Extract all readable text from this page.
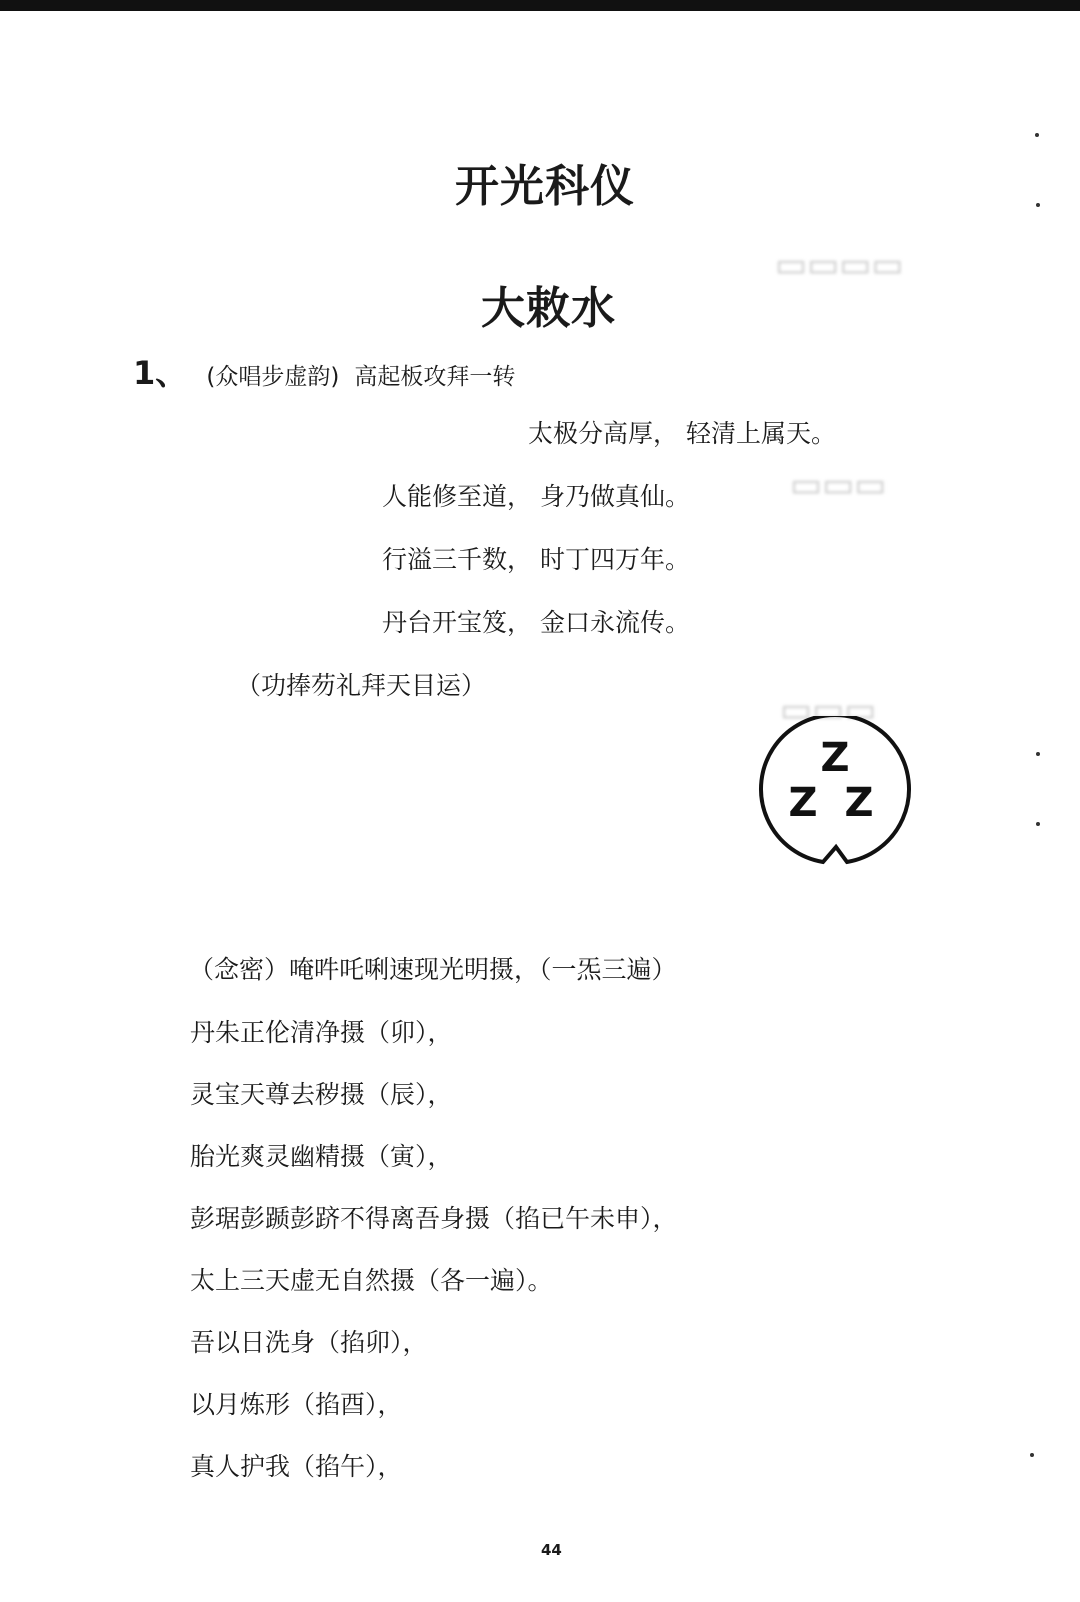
▭▭▭▭
▭▭▭
▭▭▭
开光科仪
大敕水
1、 (众唱步虚韵) 高起板攻拜一转
太极分高厚， 轻清上属天。
人能修至道， 身乃做真仙。
行溢三千数， 时丁四万年。
丹台开宝笈， 金口永流传。
（功捧芴礼拜天目运）
Z
Z Z
（念密）唵吽吒唎速现光明摄，（一炁三遍）
丹朱正伦清净摄（卯），
灵宝天尊去秽摄（辰），
胎光爽灵幽精摄（寅），
彭琚彭踬彭跻不得离吾身摄（掐已午未申），
太上三天虚无自然摄（各一遍）。
吾以日洗身（掐卯），
以月炼形（掐酉），
真人护我（掐午），
44
